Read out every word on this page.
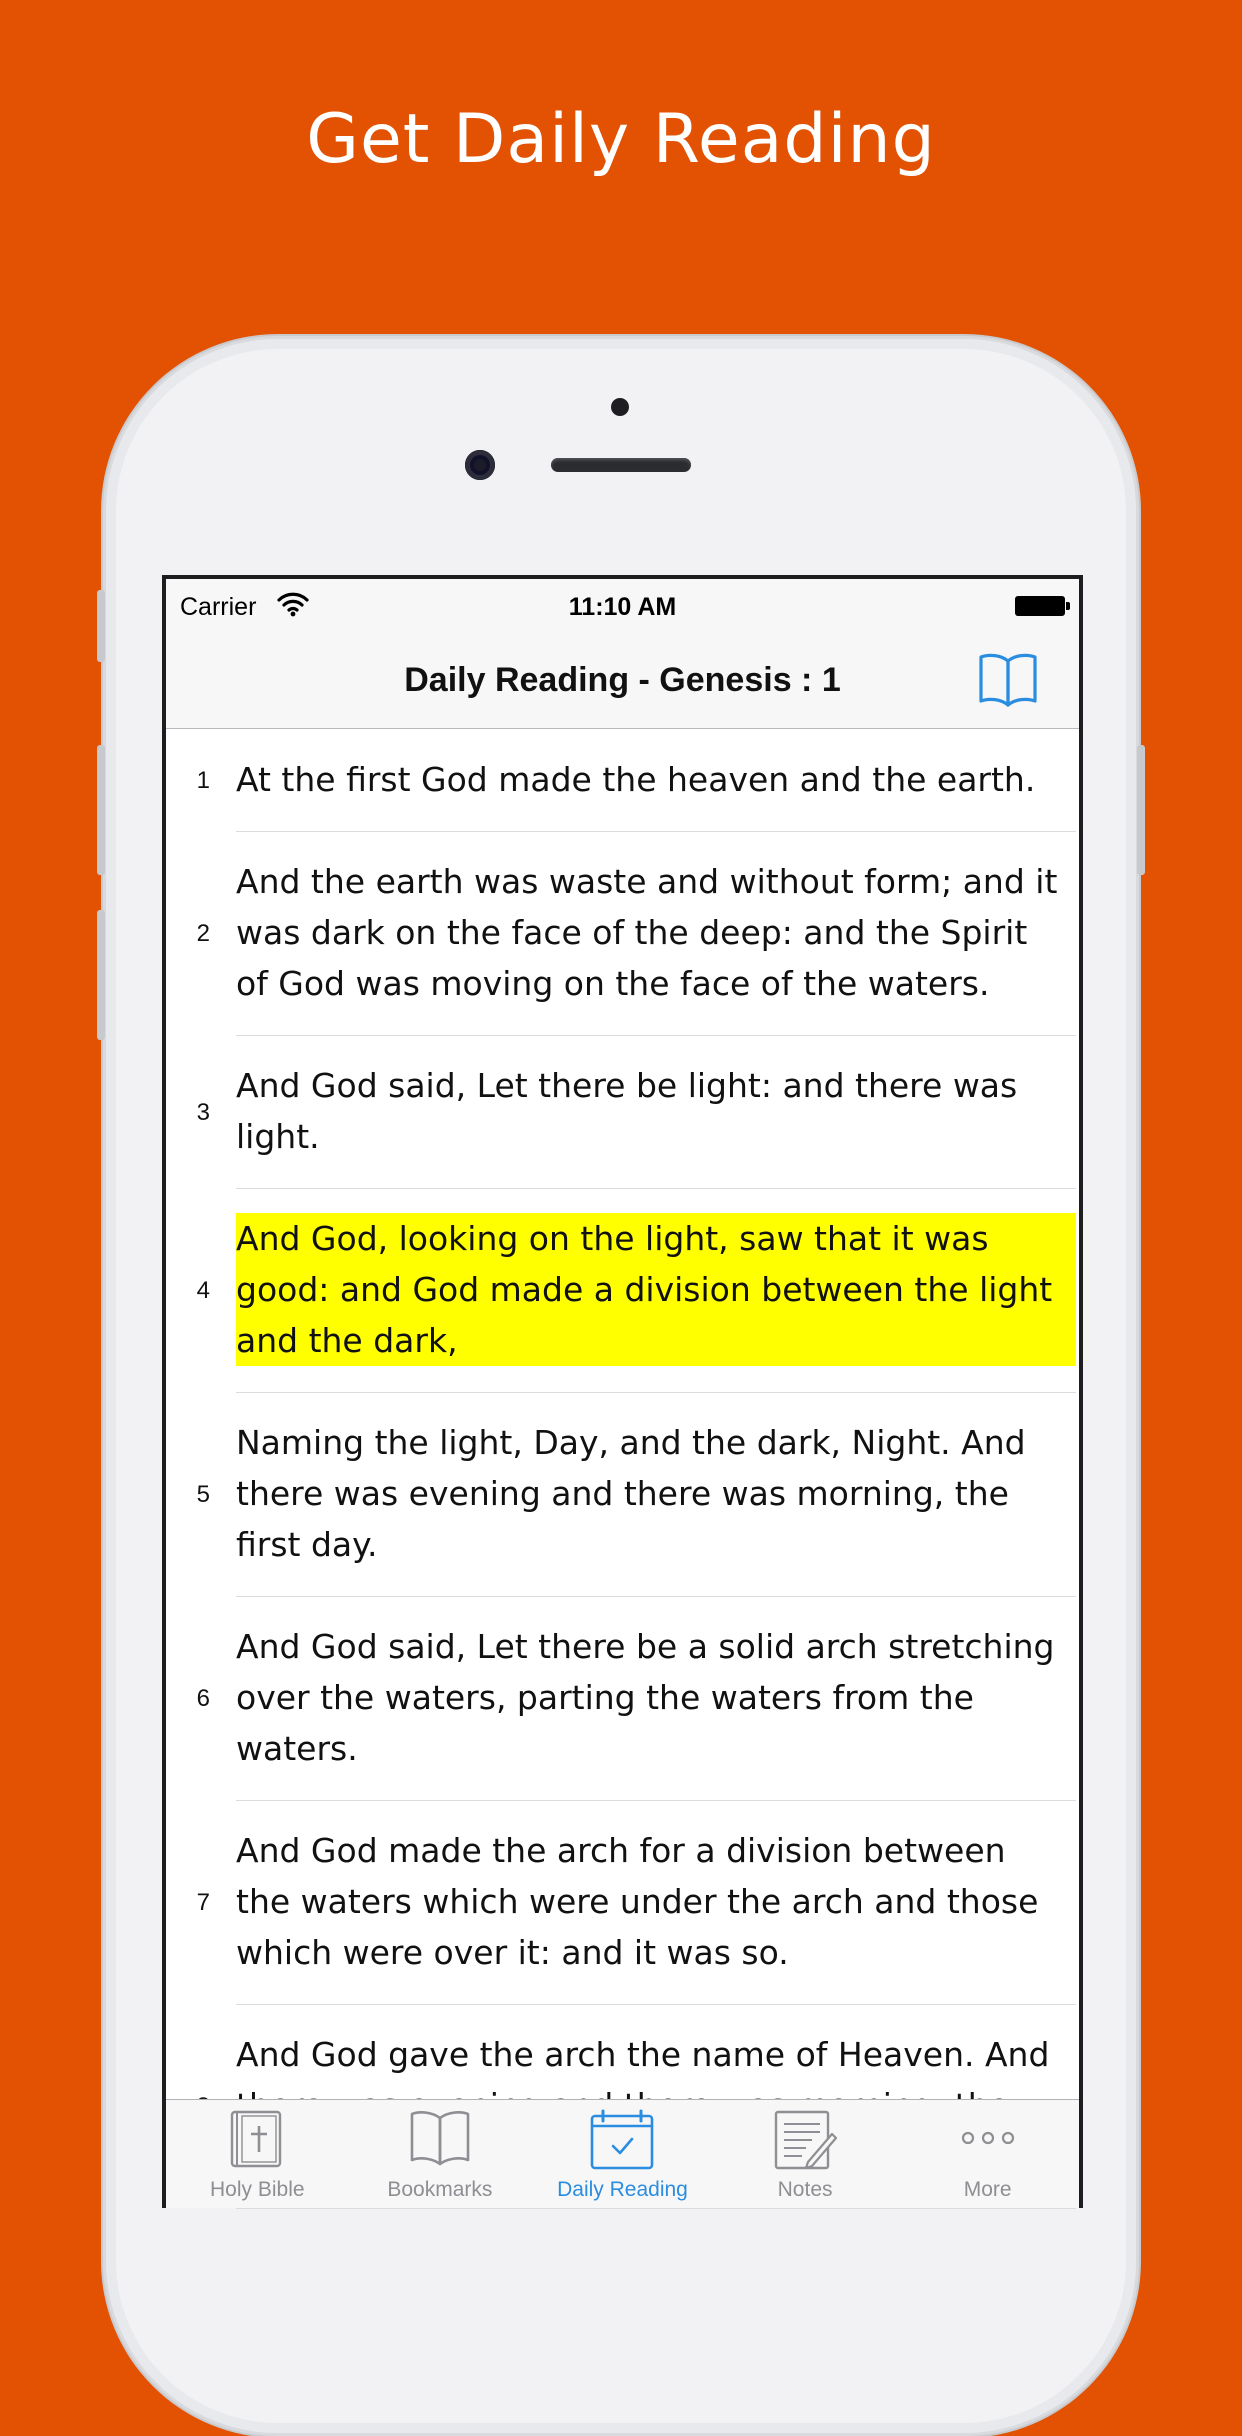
Get Daily Reading
Carrier	11:10 AM
Daily Reading - Genesis : 1
1 At the first God made the heaven and the earth.
2
And the earth was waste and without form; and it was dark on the face of the deep: and the Spirit of God was moving on the face of the waters.
3
And God said, Let there be light: and there was light.
4
And God, looking on the light, saw that it was good: and God made a division between the light and the dark,
5
Naming the light, Day, and the dark, Night. And there was evening and there was morning, the first day.
6
And God said, Let there be a solid arch stretching over the waters, parting the waters from the waters.
7
And God made the arch for a division between the waters which were under the arch and those which were over it: and it was so.
And God gave the arch the name of Heaven. And
Holy Bible	Bookmarks	Daily Reading	Notes	More
